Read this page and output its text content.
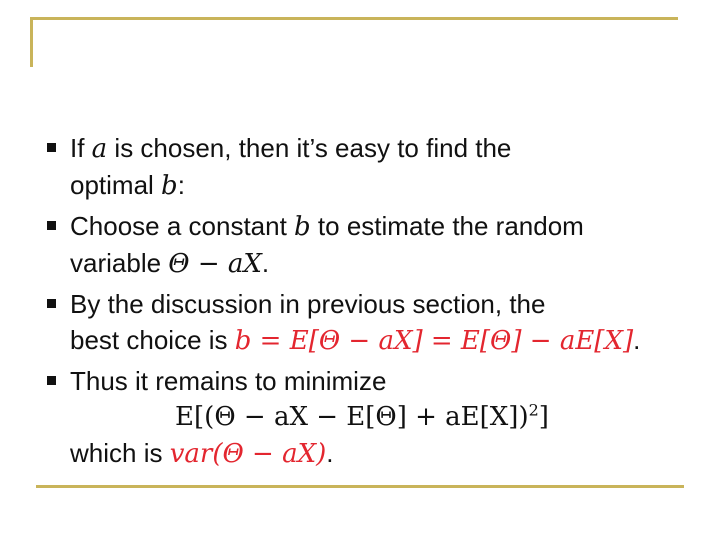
If a is chosen, then it’s easy to find the
optimal b:
Choose a constant b to estimate the random
variable Θ − aX.
By the discussion in previous section, the
best choice is b = E[Θ − aX] = E[Θ] − aE[X].
Thus it remains to minimize
E[(Θ − aX − E[Θ] + aE[X])$^2$]
which is var(Θ − aX).
